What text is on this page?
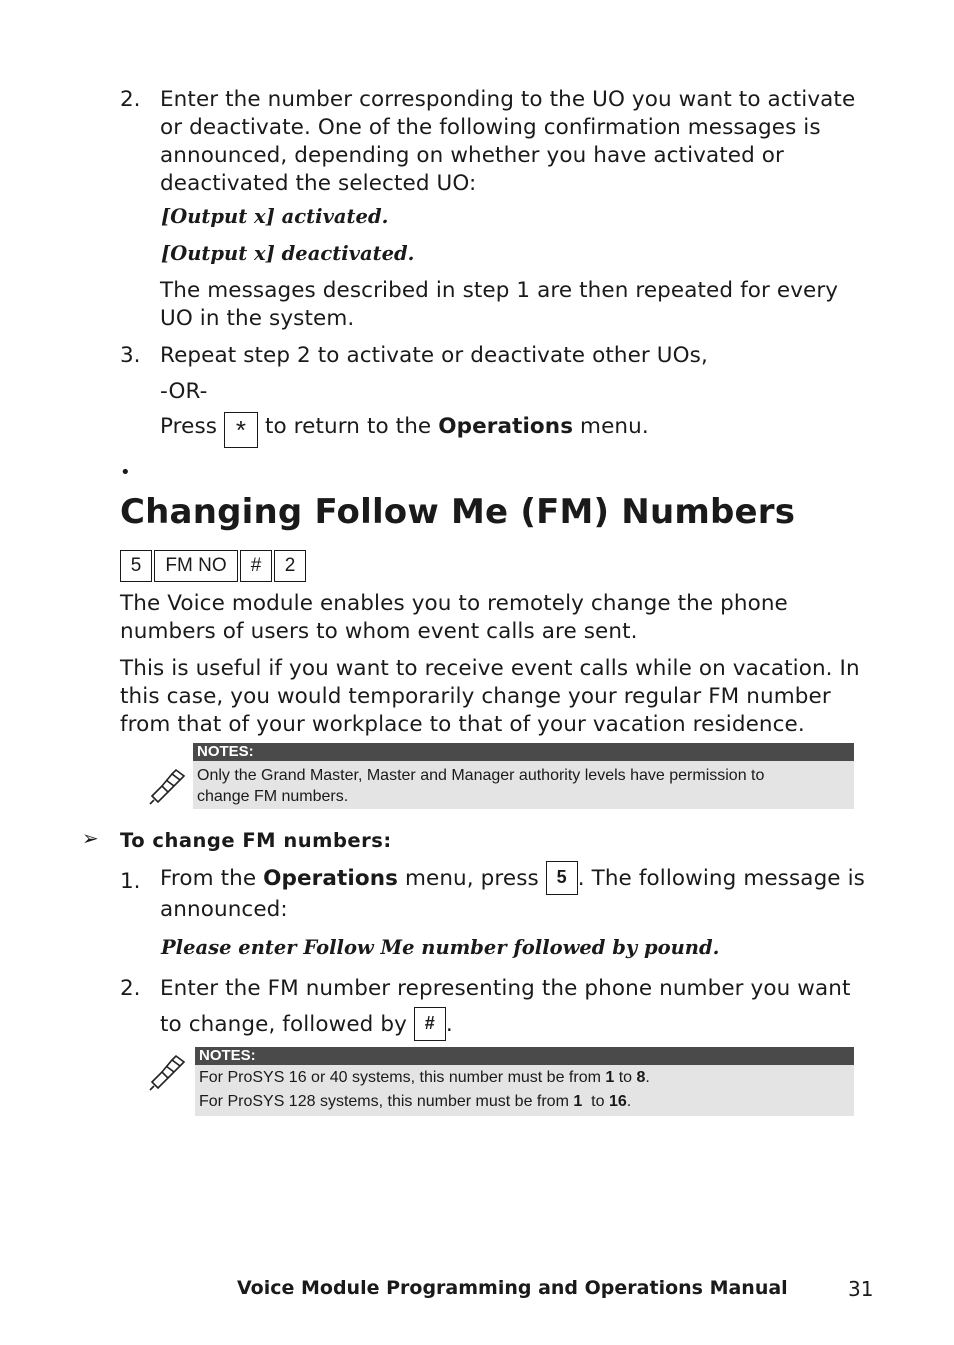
2. Enter the number corresponding to the UO you want to activate
or deactivate. One of the following confirmation messages is
announced, depending on whether you have activated or
deactivated the selected UO:
[Output x] activated.
[Output x] deactivated.
The messages described in step 1 are then repeated for every
UO in the system.
3. Repeat step 2 to activate or deactivate other UOs,
-OR-
Press * to return to the Operations menu.
•
Changing Follow Me (FM) Numbers
5	FM NO	#	2
The Voice module enables you to remotely change the phone
numbers of users to whom event calls are sent.
This is useful if you want to receive event calls while on vacation. In
this case, you would temporarily change your regular FM number
from that of your workplace to that of your vacation residence.
NOTES:
Only the Grand Master, Master and Manager authority levels have permission to
change FM numbers.
➢ To change FM numbers:
1. From the Operations menu, press 5 . The following message is
announced:
Please enter Follow Me number followed by pound.
2. Enter the FM number representing the phone number you want
to change, followed by # .
NOTES:
For ProSYS 16 or 40 systems, this number must be from 1 to 8.
For ProSYS 128 systems, this number must be from 1  to 16.
Voice Module Programming and Operations Manual	31
